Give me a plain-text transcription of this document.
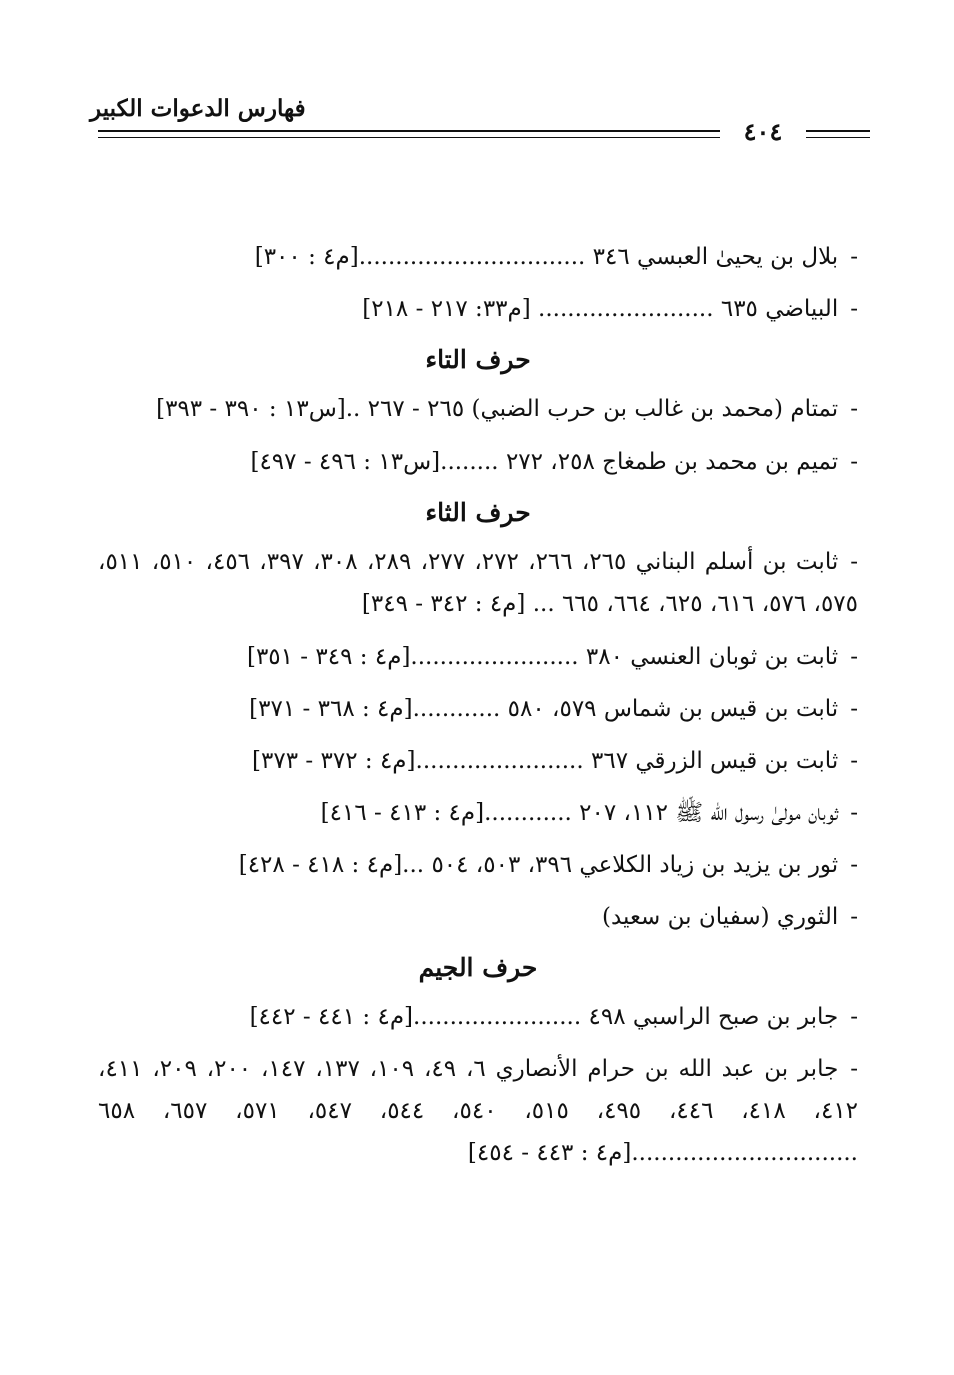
فهارس الدعوات الكبير
٤٠٤
-بلال بن يحيىٰ العبسي ٣٤٦ ...............................[م٤ : ٣٠٠]
-البياضي ٦٣٥ ........................ [م٣٣: ٢١٧ - ٢١٨]
حرف التاء
-تمتام (محمد بن غالب بن حرب الضبي) ٢٦٥ - ٢٦٧ ..[س١٣ : ٣٩٠ - ٣٩٣]
-تميم بن محمد بن طمغاج ٢٥٨، ٢٧٢ ........[س١٣ : ٤٩٦ - ٤٩٧]
حرف الثاء
-ثابت بن أسلم البناني ٢٦٥، ٢٦٦، ٢٧٢، ٢٧٧، ٢٨٩، ٣٠٨، ٣٩٧، ٤٥٦، ٥١٠، ٥١١، ٥٧٥، ٥٧٦، ٦١٦، ٦٢٥، ٦٦٤، ٦٦٥ ... [م٤ : ٣٤٢ - ٣٤٩]
-ثابت بن ثوبان العنسي ٣٨٠ .......................[م٤ : ٣٤٩ - ٣٥١]
-ثابت بن قيس بن شماس ٥٧٩، ٥٨٠ ............[م٤ : ٣٦٨ - ٣٧١]
-ثابت بن قيس الزرقي ٣٦٧ .......................[م٤ : ٣٧٢ - ٣٧٣]
-ثوبان مولىٰ رسول الله ﷺ ١١٢، ٢٠٧ ............[م٤ : ٤١٣ - ٤١٦]
-ثور بن يزيد بن زياد الكلاعي ٣٩٦، ٥٠٣، ٥٠٤ ...[م٤ : ٤١٨ - ٤٢٨]
-الثوري (سفيان بن سعيد)
حرف الجيم
-جابر بن صبح الراسبي ٤٩٨ .......................[م٤ : ٤٤١ - ٤٤٢]
-جابر بن عبد الله بن حرام الأنصاري ٦، ٤٩، ١٠٩، ١٣٧، ١٤٧، ٢٠٠، ٢٠٩، ٤١١، ٤١٢، ٤١٨، ٤٤٦، ٤٩٥، ٥١٥، ٥٤٠، ٥٤٤، ٥٤٧، ٥٧١، ٦٥٧، ٦٥٨ ...............................[م٤ : ٤٤٣ - ٤٥٤]
